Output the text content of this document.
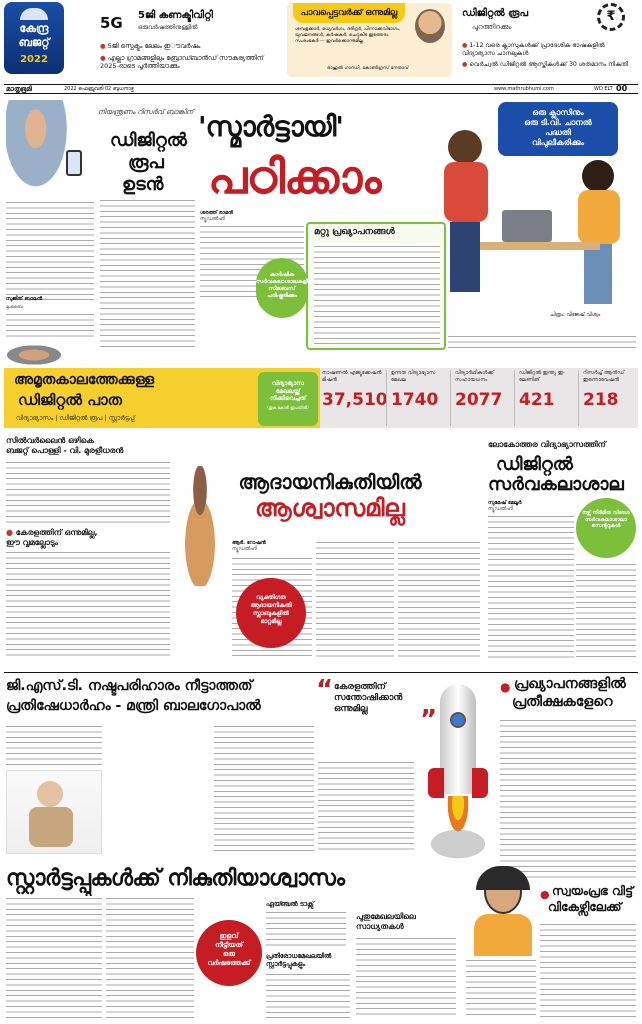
കേന്ദ്ര
ബജറ്റ്
2022
5G 5ജി കണക്ടിവിറ്റി
ഒരുവർഷത്തിനുള്ളിൽ
● 5ജി സ്പെക്ട്രം ലേലം ഇൗവർഷം
● എല്ലാ ഗ്രാമങ്ങളിലും ബ്രോഡ്ബാൻഡ് സൗകര്യത്തിന് 2025-ഓടെ പൂർത്തിയാക്കും
പാവപ്പെട്ടവർക്ക് ഒന്നുമില്ല
ശമ്പളക്കാർ, മധ്യവർഗം, ദരിദ്രർ, പിന്നാക്കവിഭാഗം, യുവജനങ്ങൾ, കർഷകർ, ചെറുകിട ഇടത്തരം സംരംഭകർ — ഇവർക്കൊന്നുമില്ല.
രാഹുൽ ഗാന്ധി, കോൺഗ്രസ് നേതാവ്
ഡിജിറ്റൽ രൂപ
പുറത്തിറക്കും
₹
● 1-12 വരെ ക്ലാസുകൾക്ക് പ്രാദേശിക ഭാഷകളിൽ വിദ്യാഭ്യാസ ചാനലുകൾ
● വെർച്വൽ ഡിജിറ്റൽ ആസ്തികൾക്ക് 30 ശതമാനം നികുതി
മാതൃഭൂമി	2022 ഫെബ്രുവരി 02 ബുധനാഴ്ച	www.mathrubhumi.com	WD ELT 00
നിയന്ത്രണം റിസർവ് ബാങ്കിന്
ഡിജിറ്റൽ
രൂപ
ഉടൻ
സുജിത് ബാലൻ
മുംബൈ
'സ്മാർട്ടായി'
പഠിക്കാം
ഒരു ക്ലാസിനും
ഒരു ടി.വി. ചാനൽ
പദ്ധതി
വിപുലീകരിക്കും
ചിത്രം: വിജേഷ് വിശ്വം
ശരത്ത് രാമൻ
ന്യൂഡൽഹി
മറ്റു പ്രഖ്യാപനങ്ങൾ
കാർഷിക സർവകലാശാലകളിലെ സിലബസ് പരിഷ്കരിക്കും
അമൃതകാലത്തേക്കുള്ള
ഡിജിറ്റൽ പാത
വിദ്യാഭ്യാസം | ഡിജിറ്റൽ രൂപ | സ്റ്റാർട്ടപ്പ്
വിദ്യാഭ്യാസ മേഖലയ്ക്ക് നീക്കിവെച്ചത്
(തുക കോടി രൂപയിൽ)
നാഷണൽ എജ്യുക്കേഷൻ മിഷൻ
37,510
ഉന്നത വിദ്യാഭ്യാസ മേഖല
1740
വിദ്യാർഥികൾക്ക് സഹായധനം
2077
ഡിജിറ്റൽ ഇന്ത്യ ഇ-ലേണിങ്
421
റിസർച്ച് ആൻഡ് ഇന്നൊവേഷൻ
218
സിൽവർലൈൻ ഒഴികെ
ബജറ്റ് പൊള്ളി - വി. മുരളീധരൻ
● കേരളത്തിന് ഒന്നുമില്ല,
ഈ വൃമല്ലോടും
ആദായനികുതിയിൽ
ആശ്വാസമില്ല
ആർ. റോഷൻ
ന്യൂഡൽഹി
വ്യക്തിഗത ആദായനികുതി സ്ലാബുകളിൽ മാറ്റമില്ല
ലോകോത്തര വിദ്യാഭ്യാസത്തിന്
ഡിജിറ്റൽ
സർവകലാശാല
സുമേഷ് മേലൂർ
ന്യൂഡൽഹി
നഴ്സ് നിർമിത വിദേശ സർവകലാശാലാ സെന്ററുകൾ
ജി.എസ്.ടി. നഷ്ടപരിഹാരം നീട്ടാത്തത്
പ്രതിഷേധാർഹം - മന്ത്രി ബാലഗോപാൽ
“ കേരളത്തിന്
സന്തോഷിക്കാൻ
ഒന്നുമില്ല	”
● പ്രഖ്യാപനങ്ങളിൽ
പ്രതീക്ഷകളേറെ
സ്റ്റാർട്ടപ്പുകൾക്ക് നികുതിയാശ്വാസം
ഇളവ്
നീട്ടിയത്
ഒരു
വർഷത്തേക്ക്
ഏയ്ഞ്ചൽ ടാക്സ്
പ്രതിരോധമേഖലയിൽ സ്റ്റാർട്ടപ്പുകളും
പുതുമേഖലയിലെ സാധ്യതകൾ
● സ്വയംപ്രഭ വിട്ട്
വികേഴ്സിലേക്ക്
